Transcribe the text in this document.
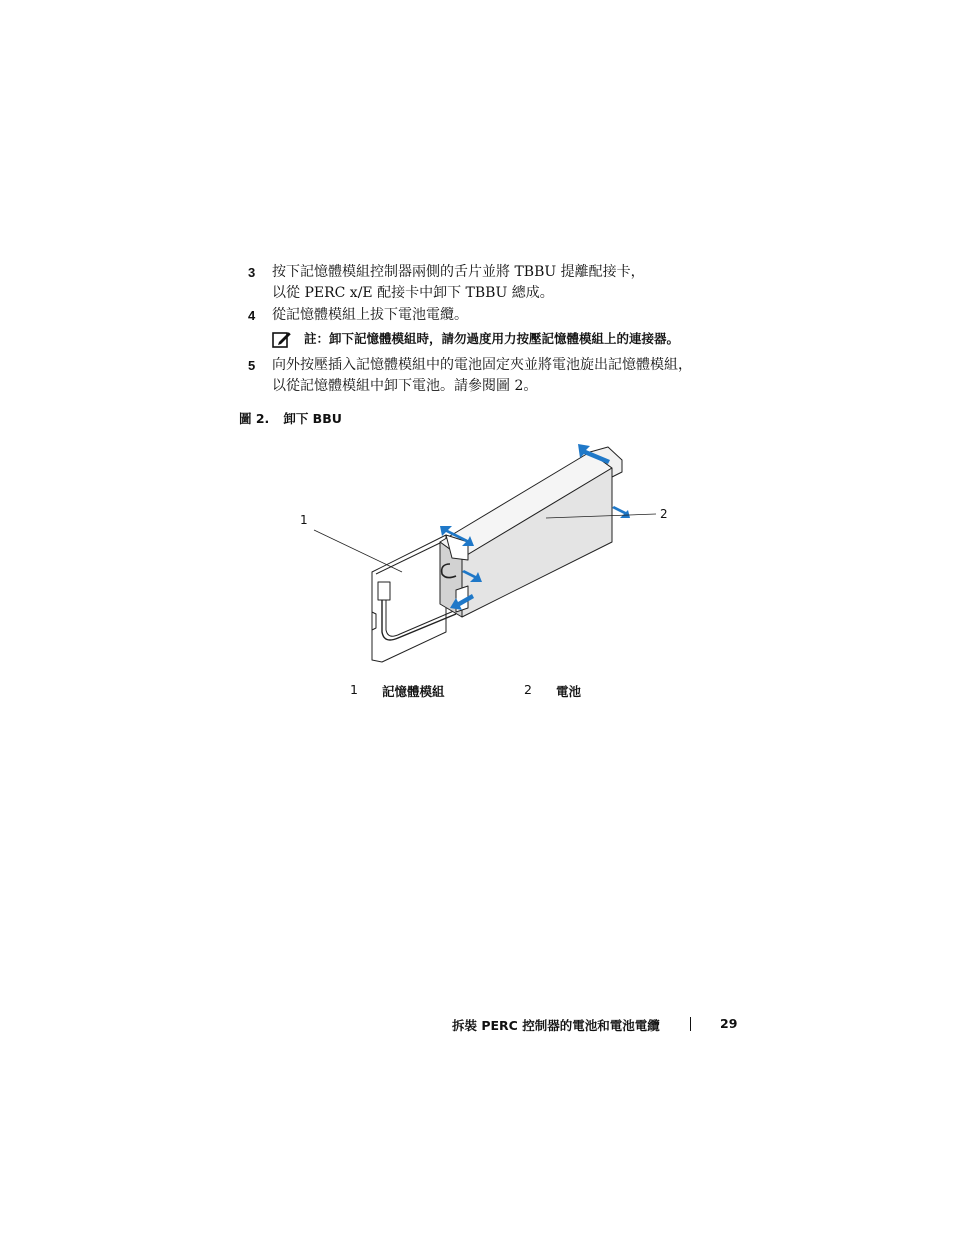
3	按下記憶體模組控制器兩側的舌片並將 TBBU 提離配接卡，
以從 PERC x/E 配接卡中卸下 TBBU 總成。
4	從記憶體模組上拔下電池電纜。
註：卸下記憶體模組時，請勿過度用力按壓記憶體模組上的連接器。
5	向外按壓插入記憶體模組中的電池固定夾並將電池旋出記憶體模組，
以從記憶體模組中卸下電池。請參閱圖 2。
圖 2. 卸下 BBU
1	2
1 記憶體模組	2 電池
拆裝 PERC 控制器的電池和電池電纜	29
